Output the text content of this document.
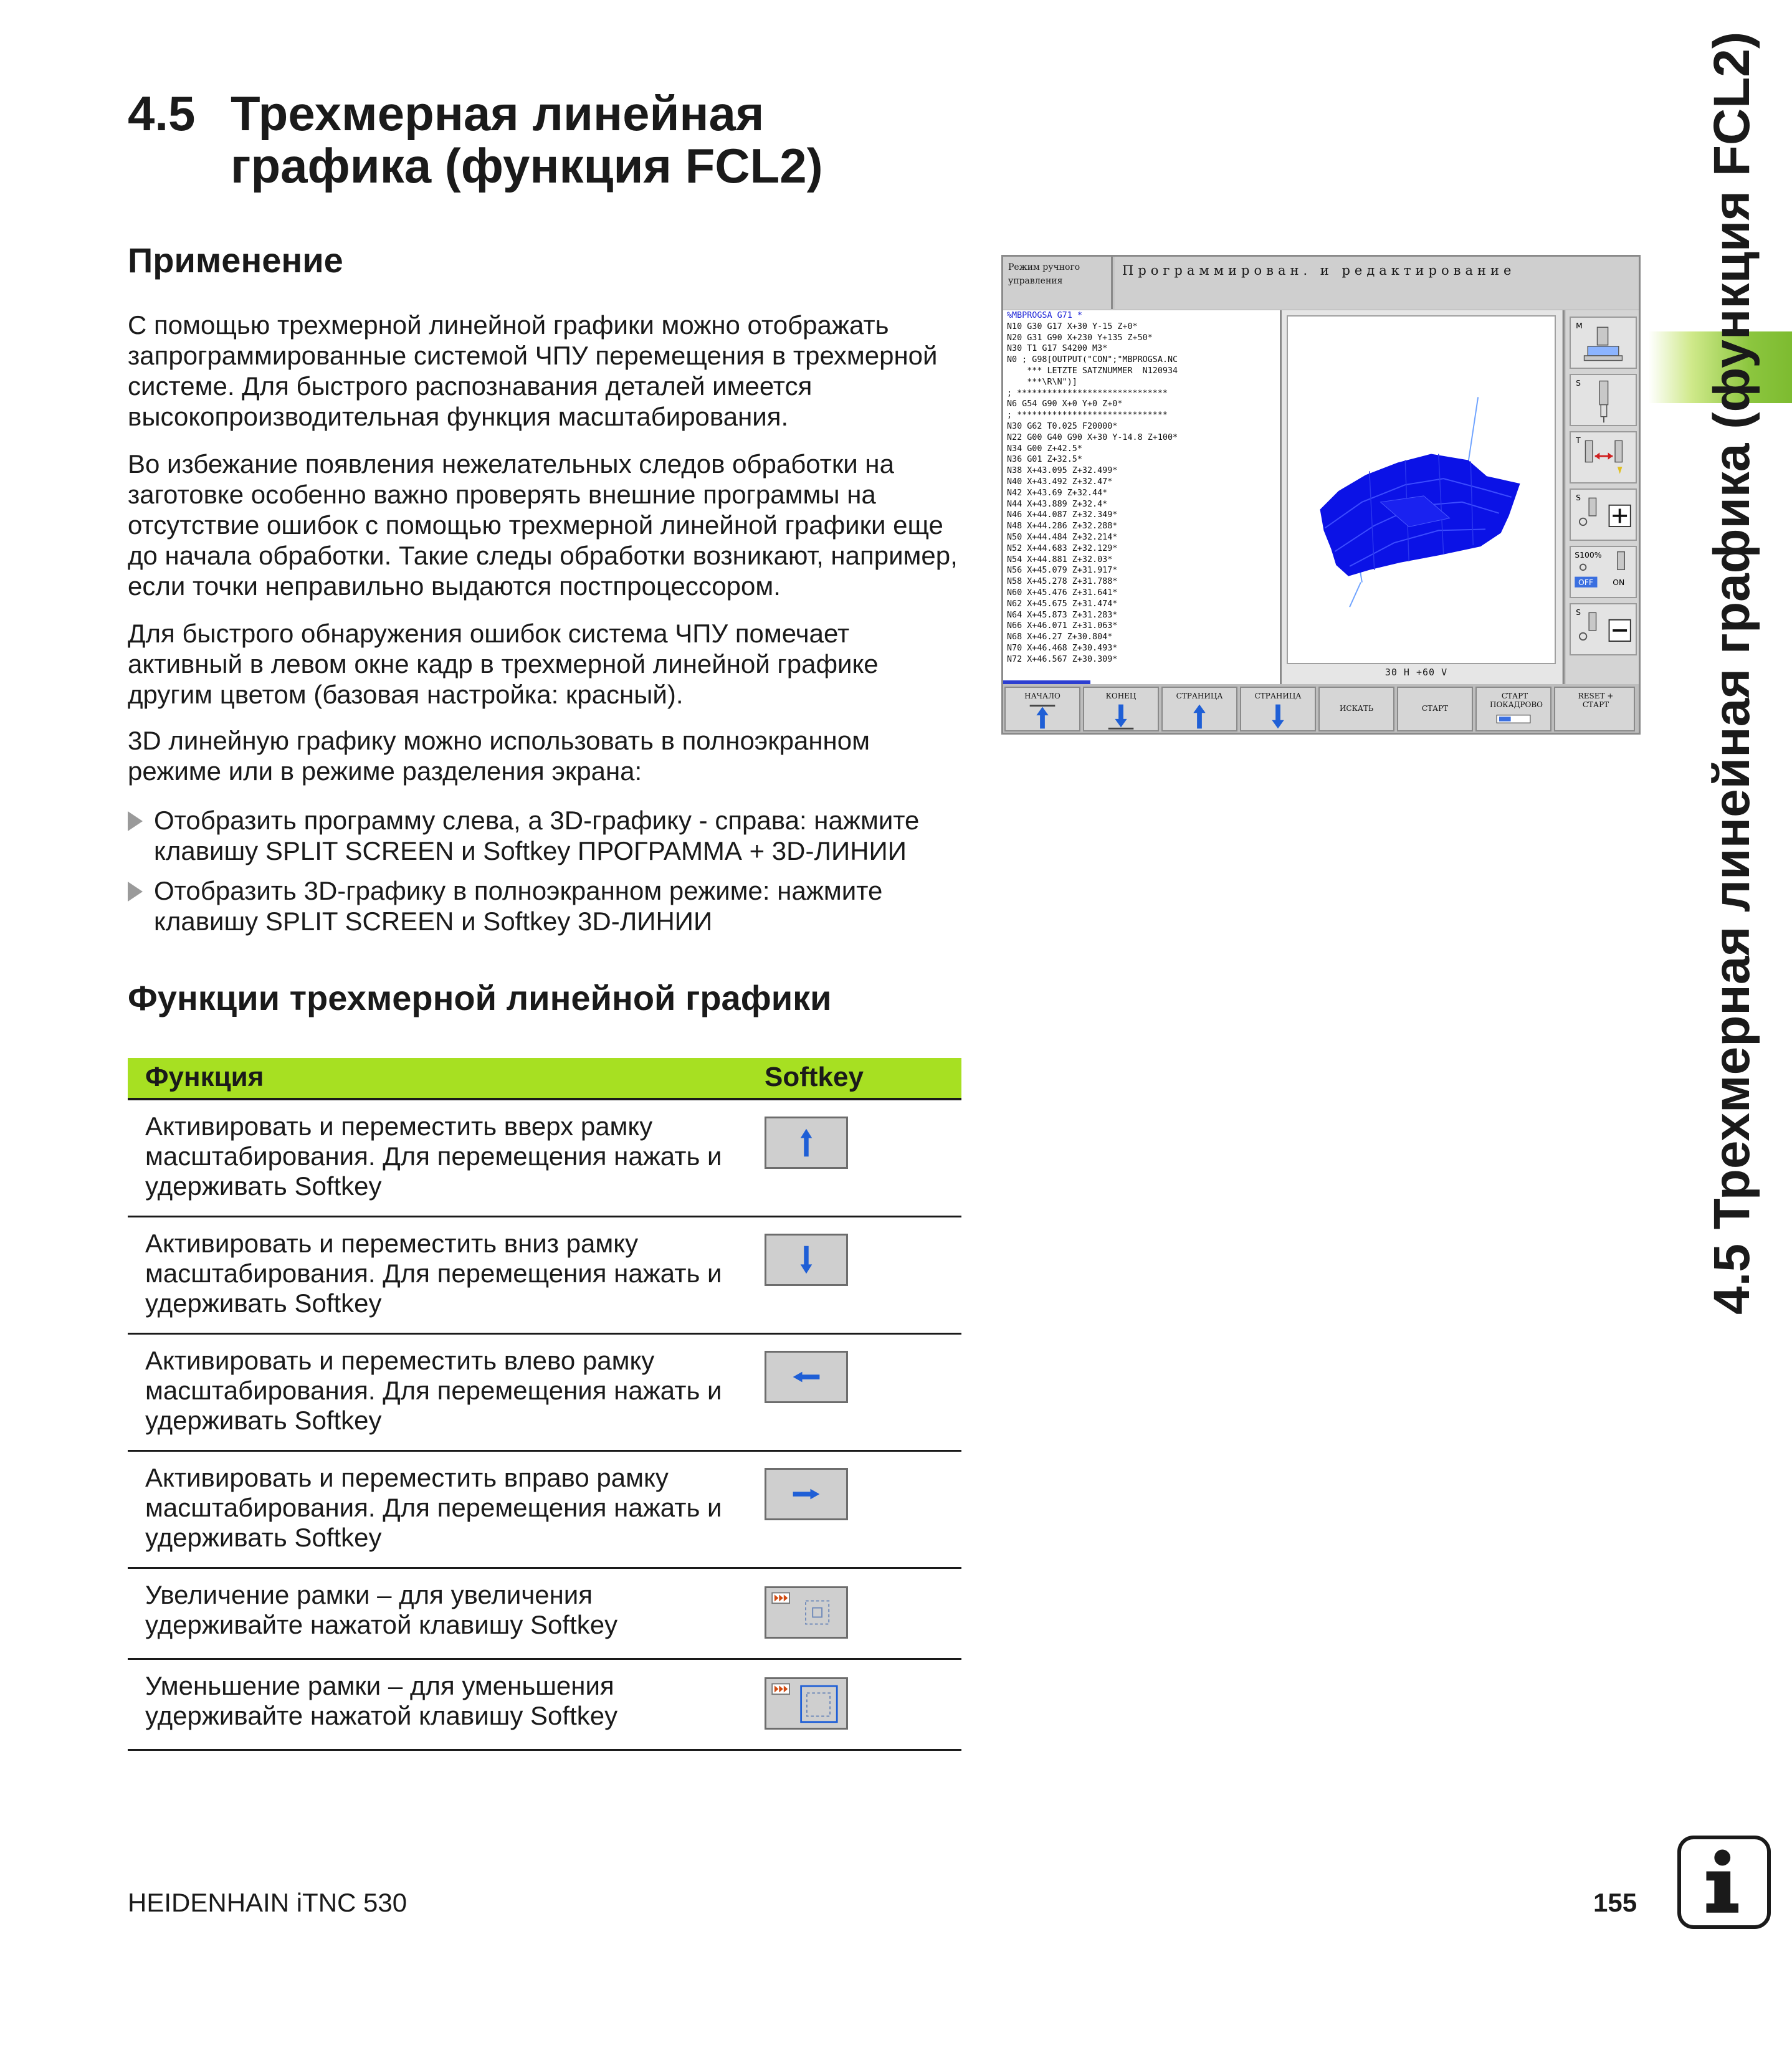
4.5 Трехмерная линейная
графика (функция FCL2)
Применение

С помощью трехмерной линейной графики можно отображать запрограммированные системой ЧПУ перемещения в трехмерной системе. Для быстрого распознавания деталей имеется высокопроизводительная функция масштабирования.

Во избежание появления нежелательных следов обработки на заготовке особенно важно проверять внешние программы на отсутствие ошибок с помощью трехмерной линейной графики еще до начала обработки. Такие следы обработки возникают, например, если точки неправильно выдаются постпроцессором.

Для быстрого обнаружения ошибок система ЧПУ помечает активный в левом окне кадр в трехмерной линейной графике другим цветом (базовая настройка: красный).

3D линейную графику можно использовать в полноэкранном режиме или в режиме разделения экрана:

Отобразить программу слева, а 3D-графику - справа: нажмите клавишу SPLIT SCREEN и Softkey ПРОГРАММА + 3D-ЛИНИИ
Отобразить 3D-графику в полноэкранном режиме: нажмите клавишу SPLIT SCREEN и Softkey 3D-ЛИНИИ
Функции трехмерной линейной графики
Функция	Softkey
Активировать и переместить вверх рамку масштабирования. Для перемещения нажать и удерживать Softkey
Активировать и переместить вниз рамку масштабирования. Для перемещения нажать и удерживать Softkey
Активировать и переместить влево рамку масштабирования. Для перемещения нажать и удерживать Softkey
Активировать и переместить вправо рамку масштабирования. Для перемещения нажать и удерживать Softkey
Увеличение рамки – для увеличения удерживайте нажатой клавишу Softkey
Уменьшение рамки – для уменьшения удерживайте нажатой клавишу Softkey
Режим ручного
управления
Программирован. и редактирование
%MBPROGSA G71 *
N10 G30 G17 X+30 Y-15 Z+0*
N20 G31 G90 X+230 Y+135 Z+50*
N30 T1 G17 S4200 M3*
N0 ; G98[OUTPUT("CON";"MBPROGSA.NC
*** LETZTE SATZNUMMER  N120934
***\R\N")]
; ******************************
N6 G54 G90 X+0 Y+0 Z+0*
; ******************************
N30 G62 T0.025 F20000*
N22 G00 G40 G90 X+30 Y-14.8 Z+100*
N34 G00 Z+42.5*
N36 G01 Z+32.5*
N38 X+43.095 Z+32.499*
N40 X+43.492 Z+32.47*
N42 X+43.69 Z+32.44*
N44 X+43.889 Z+32.4*
N46 X+44.087 Z+32.349*
N48 X+44.286 Z+32.288*
N50 X+44.484 Z+32.214*
N52 X+44.683 Z+32.129*
N54 X+44.881 Z+32.03*
N56 X+45.079 Z+31.917*
N58 X+45.278 Z+31.788*
N60 X+45.476 Z+31.641*
N62 X+45.675 Z+31.474*
N64 X+45.873 Z+31.283*
N66 X+46.071 Z+31.063*
N68 X+46.27 Z+30.804*
N70 X+46.468 Z+30.493*
N72 X+46.567 Z+30.309*
30 H +60 V
M
S
T
S
S100%
OFF ON
S
НАЧАЛО	КОНЕЦ	СТРАНИЦА	СТРАНИЦА
ИСКАТЬ	СТАРТ
СТАРТ ПОКАДРОВО
RESET + СТАРТ 4.5 Трехмерная линейная графика (функция FCL2)
HEIDENHAIN iTNC 530	155
